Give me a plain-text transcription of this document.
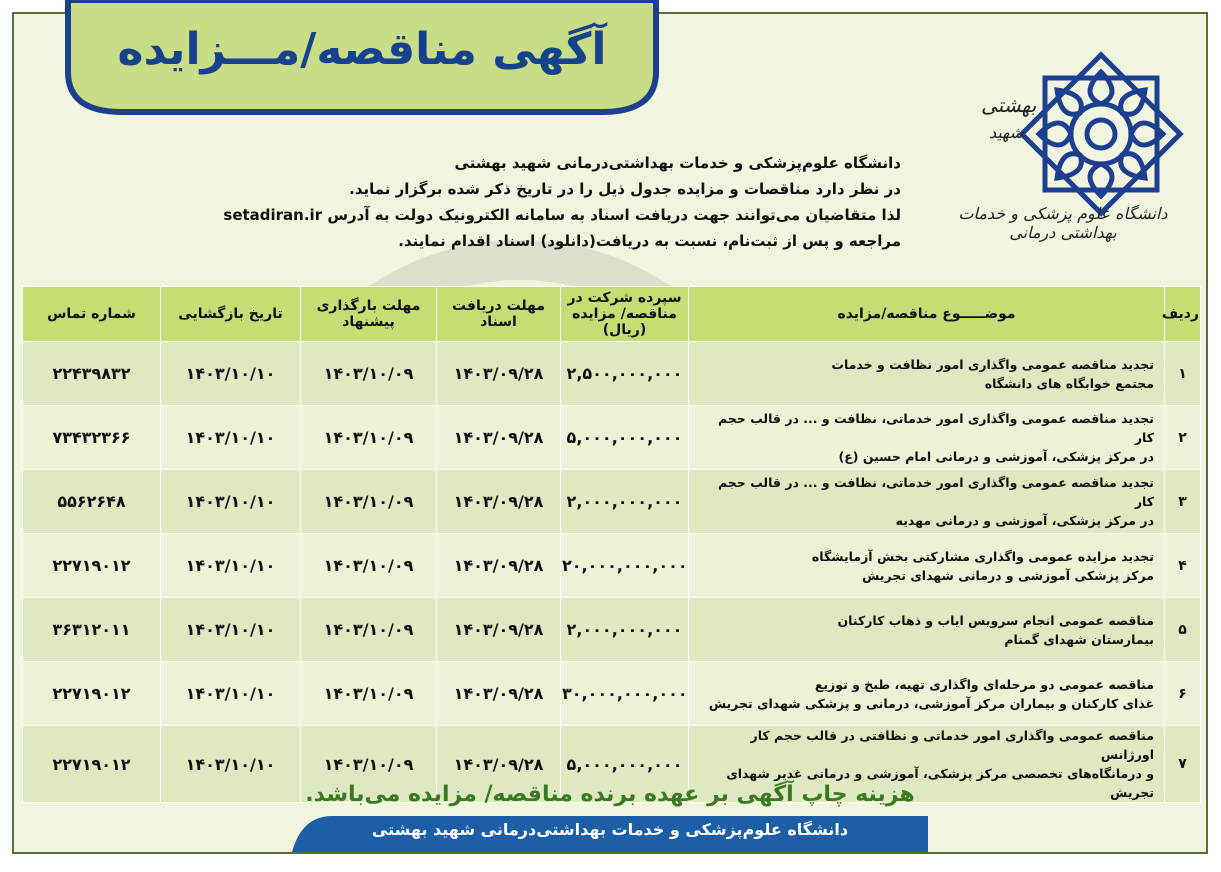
آگهی مناقصه/مـــزایده
بهشتی
شهید
دانشگاه علوم پزشکی و خدمات بهداشتی درمانی
دانشگاه علوم‌پزشکی و خدمات بهداشتی‌درمانی شهید بهشتی
در نظر دارد مناقصات و مزایده جدول ذیل را در تاریخ ذکر شده برگزار نماید.
لذا متقاضیان می‌توانند جهت دریافت اسناد به سامانه الکترونیک دولت به آدرس setadiran.ir
مراجعه و پس از ثبت‌نام، نسبت به دریافت(دانلود) اسناد اقدام نمایند.
ردیف	موضـــــوع مناقصه/مزایده	سپرده شرکت در مناقصه/ مزایده (ریال)	مهلت دریافت اسناد	مهلت بارگذاری پیشنهاد	تاریخ بازگشایی	شماره تماس
۱	تجدید مناقصه عمومی واگذاری امور نظافت و خدمات
مجتمع خوابگاه های دانشگاه	۲,۵۰۰,۰۰۰,۰۰۰	۱۴۰۳/۰۹/۲۸	۱۴۰۳/۱۰/۰۹	۱۴۰۳/۱۰/۱۰	۲۲۴۳۹۸۳۲
۲	تجدید مناقصه عمومی واگذاری امور خدماتی، نظافت و ... در قالب حجم کار
در مرکز پزشکی، آموزشی و درمانی امام حسین (ع)	۵,۰۰۰,۰۰۰,۰۰۰	۱۴۰۳/۰۹/۲۸	۱۴۰۳/۱۰/۰۹	۱۴۰۳/۱۰/۱۰	۷۳۴۳۲۳۶۶
۳	تجدید مناقصه عمومی واگذاری امور خدماتی، نظافت و ... در قالب حجم کار
در مرکز پزشکی، آموزشی و درمانی مهدیه	۲,۰۰۰,۰۰۰,۰۰۰	۱۴۰۳/۰۹/۲۸	۱۴۰۳/۱۰/۰۹	۱۴۰۳/۱۰/۱۰	۵۵۶۲۶۴۸
۴	تجدید مزایده عمومی واگذاری مشارکتی بخش آزمایشگاه
مرکز پزشکی آموزشی و درمانی شهدای تجریش	۲۰,۰۰۰,۰۰۰,۰۰۰	۱۴۰۳/۰۹/۲۸	۱۴۰۳/۱۰/۰۹	۱۴۰۳/۱۰/۱۰	۲۲۷۱۹۰۱۲
۵	مناقصه عمومی انجام سرویس ایاب و ذهاب کارکنان
بیمارستان شهدای گمنام	۲,۰۰۰,۰۰۰,۰۰۰	۱۴۰۳/۰۹/۲۸	۱۴۰۳/۱۰/۰۹	۱۴۰۳/۱۰/۱۰	۳۶۳۱۲۰۱۱
۶	مناقصه عمومی دو مرحله‌ای واگذاری تهیه، طبخ و توزیع
غذای کارکنان و بیماران مرکز آموزشی، درمانی و پزشکی شهدای تجریش	۳۰,۰۰۰,۰۰۰,۰۰۰	۱۴۰۳/۰۹/۲۸	۱۴۰۳/۱۰/۰۹	۱۴۰۳/۱۰/۱۰	۲۲۷۱۹۰۱۲
۷	مناقصه عمومی واگذاری امور خدماتی و نظافتی در قالب حجم کار اورژانس
و درمانگاه‌های تخصصی مرکز پزشکی، آموزشی و درمانی غدیر شهدای تجریش	۵,۰۰۰,۰۰۰,۰۰۰	۱۴۰۳/۰۹/۲۸	۱۴۰۳/۱۰/۰۹	۱۴۰۳/۱۰/۱۰	۲۲۷۱۹۰۱۲
هزینه چاپ آگهی بر عهده برنده مناقصه/ مزایده می‌باشد.
دانشگاه علوم‌پزشکی و خدمات بهداشتی‌درمانی شهید بهشتی
